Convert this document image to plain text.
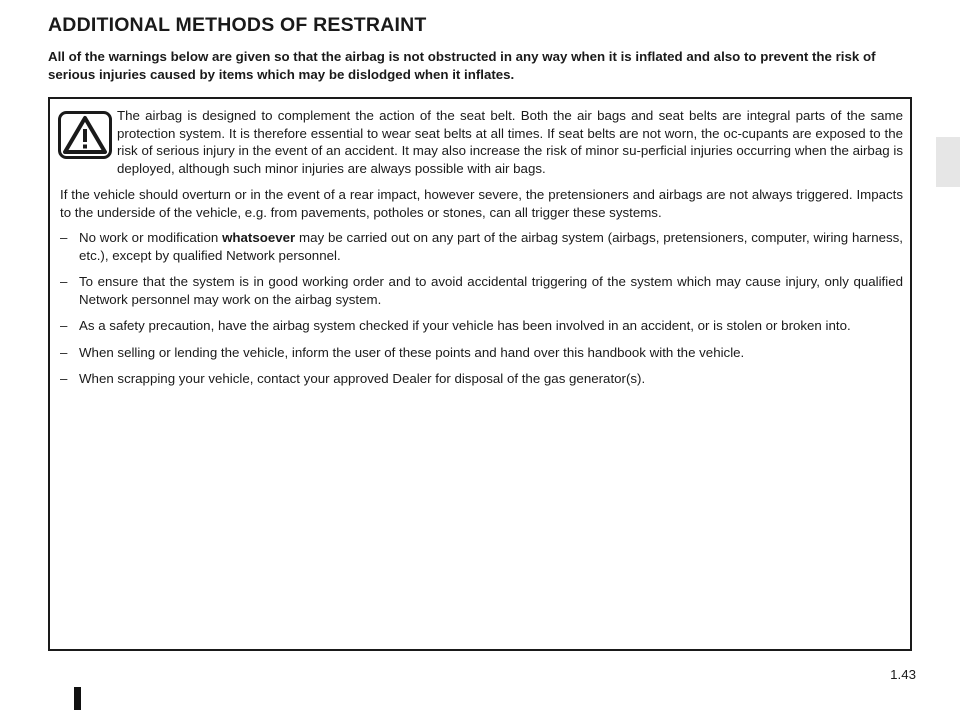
ADDITIONAL METHODS OF RESTRAINT

All of the warnings below are given so that the airbag is not obstructed in any way when it is inflated and also to prevent the risk of serious injuries caused by items which may be dislodged when it inflates.

The airbag is designed to complement the action of the seat belt. Both the air bags and seat belts are integral parts of the same protection system. It is therefore essential to wear seat belts at all times. If seat belts are not worn, the oc-cupants are exposed to the risk of serious injury in the event of an accident. It may also increase the risk of minor su-perficial injuries occurring when the airbag is deployed, although such minor injuries are always possible with air bags.

If the vehicle should overturn or in the event of a rear impact, however severe, the pretensioners and airbags are not always triggered. Impacts to the underside of the vehicle, e.g. from pavements, potholes or stones, can all trigger these systems.

– No work or modification whatsoever may be carried out on any part of the airbag system (airbags, pretensioners, computer, wiring harness, etc.), except by qualified Network personnel.
– To ensure that the system is in good working order and to avoid accidental triggering of the system which may cause injury, only qualified Network personnel may work on the airbag system.
– As a safety precaution, have the airbag system checked if your vehicle has been involved in an accident, or is stolen or broken into.
– When selling or lending the vehicle, inform the user of these points and hand over this handbook with the vehicle.
– When scrapping your vehicle, contact your approved Dealer for disposal of the gas generator(s).
1.43
